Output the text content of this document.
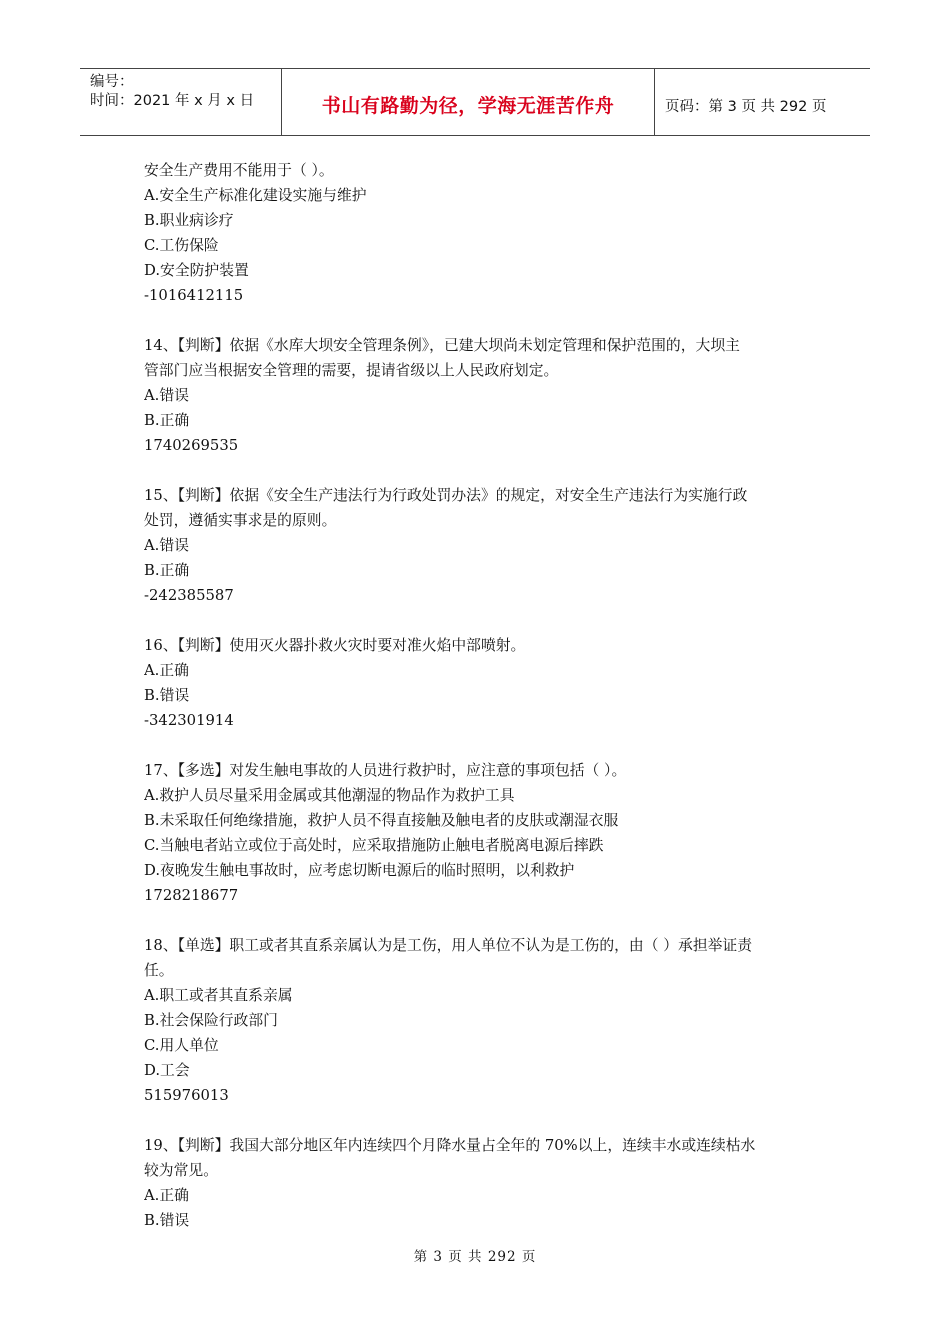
编号：
时间：2021 年 x 月 x 日	书山有路勤为径，学海无涯苦作舟	页码：第 3 页 共 292 页
安全生产费用不能用于（ ）。
A.安全生产标准化建设实施与维护
B.职业病诊疗
C.工伤保险
D.安全防护装置
-1016412115
14、【判断】依据《水库大坝安全管理条例》，已建大坝尚未划定管理和保护范围的，大坝主
管部门应当根据安全管理的需要，提请省级以上人民政府划定。
A.错误
B.正确
1740269535
15、【判断】依据《安全生产违法行为行政处罚办法》的规定，对安全生产违法行为实施行政
处罚，遵循实事求是的原则。
A.错误
B.正确
-242385587
16、【判断】使用灭火器扑救火灾时要对准火焰中部喷射。
A.正确
B.错误
-342301914
17、【多选】对发生触电事故的人员进行救护时，应注意的事项包括（ ）。
A.救护人员尽量采用金属或其他潮湿的物品作为救护工具
B.未采取任何绝缘措施，救护人员不得直接触及触电者的皮肤或潮湿衣服
C.当触电者站立或位于高处时，应采取措施防止触电者脱离电源后摔跌
D.夜晚发生触电事故时，应考虑切断电源后的临时照明，以利救护
1728218677
18、【单选】职工或者其直系亲属认为是工伤，用人单位不认为是工伤的，由（ ）承担举证责
任。
A.职工或者其直系亲属
B.社会保险行政部门
C.用人单位
D.工会
515976013
19、【判断】我国大部分地区年内连续四个月降水量占全年的 70%以上，连续丰水或连续枯水
较为常见。
A.正确
B.错误
第 3 页 共 292 页
